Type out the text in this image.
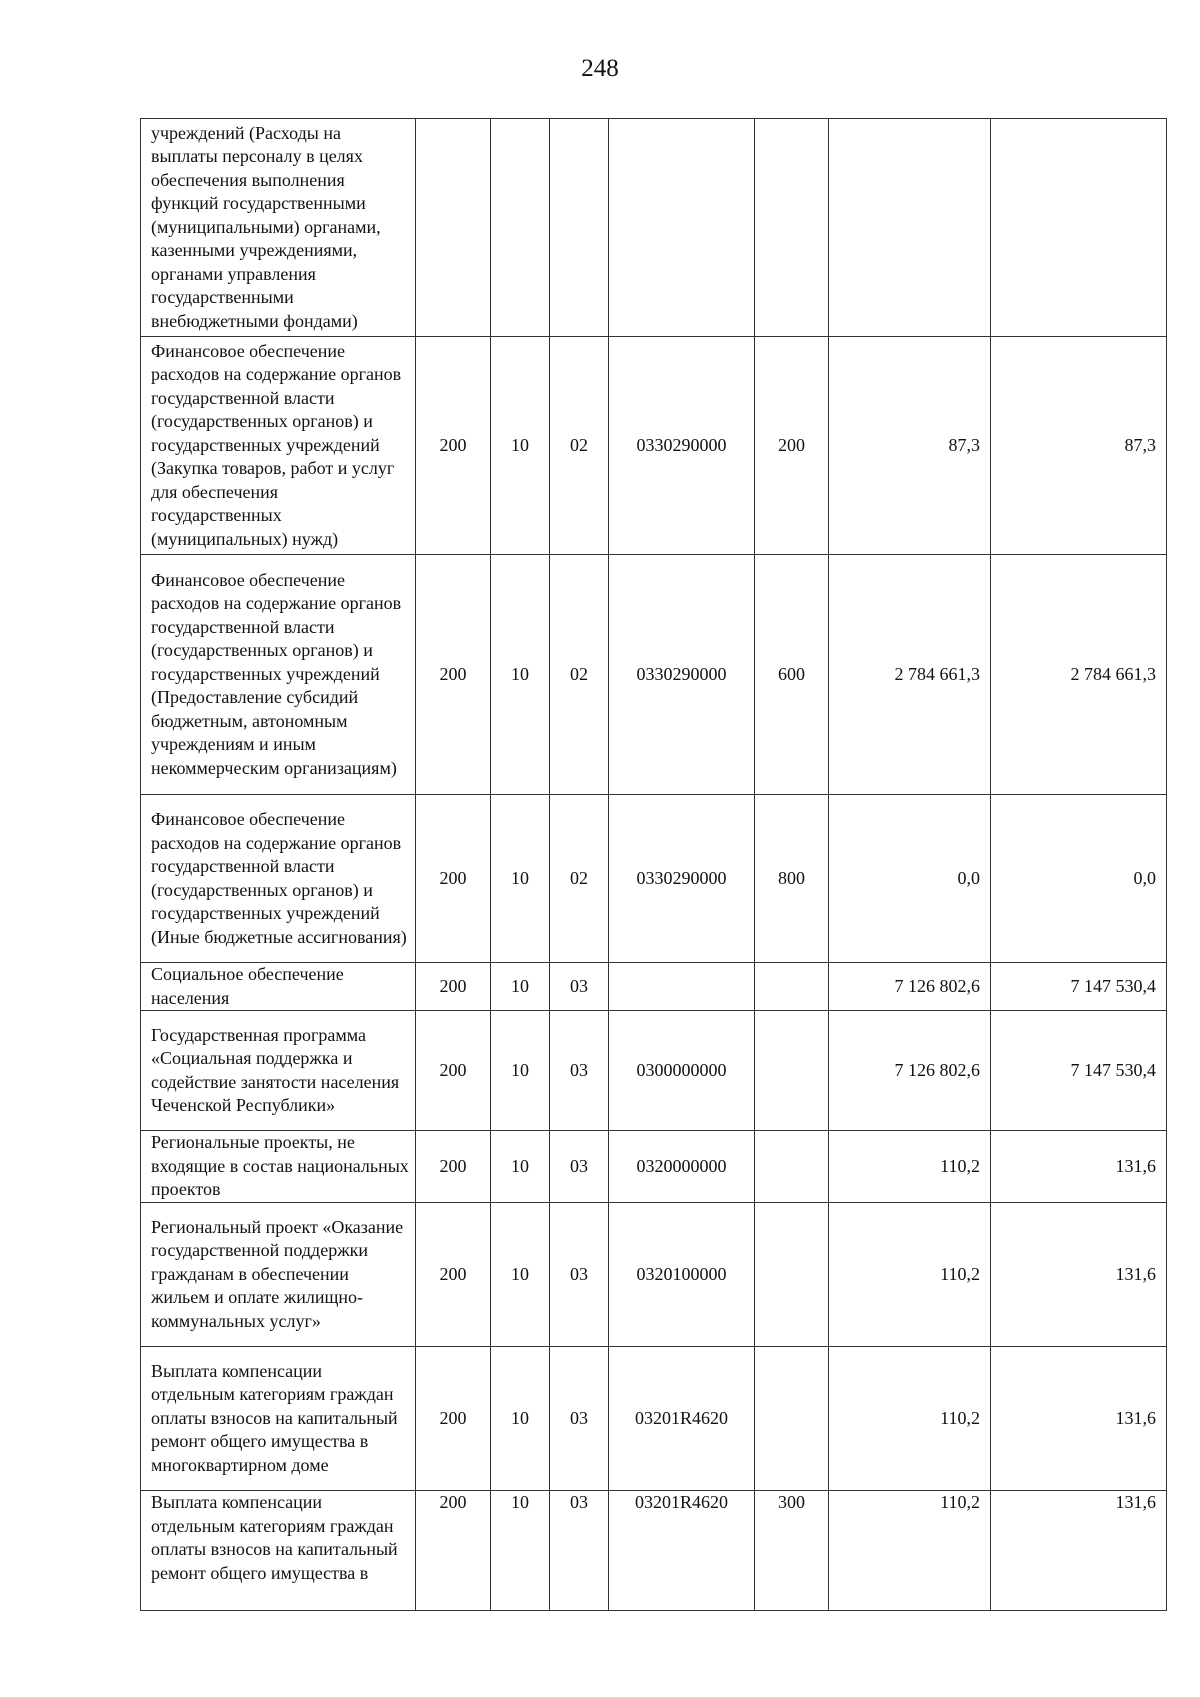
248
учреждений (Расходы на выплаты персоналу в целях обеспечения выполнения функций государственными (муниципальными) органами, казенными учреждениями, органами управления государственными внебюджетными фондами)							
Финансовое обеспечение расходов на содержание органов государственной власти (государственных органов) и государственных учреждений (Закупка товаров, работ и услуг для обеспечения государственных (муниципальных) нужд)	200	10	02	0330290000	200	87,3	87,3
Финансовое обеспечение расходов на содержание органов государственной власти (государственных органов) и государственных учреждений (Предоставление субсидий бюджетным, автономным учреждениям и иным некоммерческим организациям)	200	10	02	0330290000	600	2 784 661,3	2 784 661,3
Финансовое обеспечение расходов на содержание органов государственной власти (государственных органов) и государственных учреждений (Иные бюджетные ассигнования)	200	10	02	0330290000	800	0,0	0,0
Социальное обеспечение населения	200	10	03			7 126 802,6	7 147 530,4
Государственная программа «Социальная поддержка и содействие занятости населения Чеченской Республики»	200	10	03	0300000000		7 126 802,6	7 147 530,4
Региональные проекты, не входящие в состав национальных проектов	200	10	03	0320000000		110,2	131,6
Региональный проект «Оказание государственной поддержки гражданам в обеспечении жильем и оплате жилищно-коммунальных услуг»	200	10	03	0320100000		110,2	131,6
Выплата компенсации отдельным категориям граждан оплаты взносов на капитальный ремонт общего имущества в многоквартирном доме	200	10	03	03201R4620		110,2	131,6
Выплата компенсации отдельным категориям граждан оплаты взносов на капитальный ремонт общего имущества в	200	10	03	03201R4620	300	110,2	131,6
